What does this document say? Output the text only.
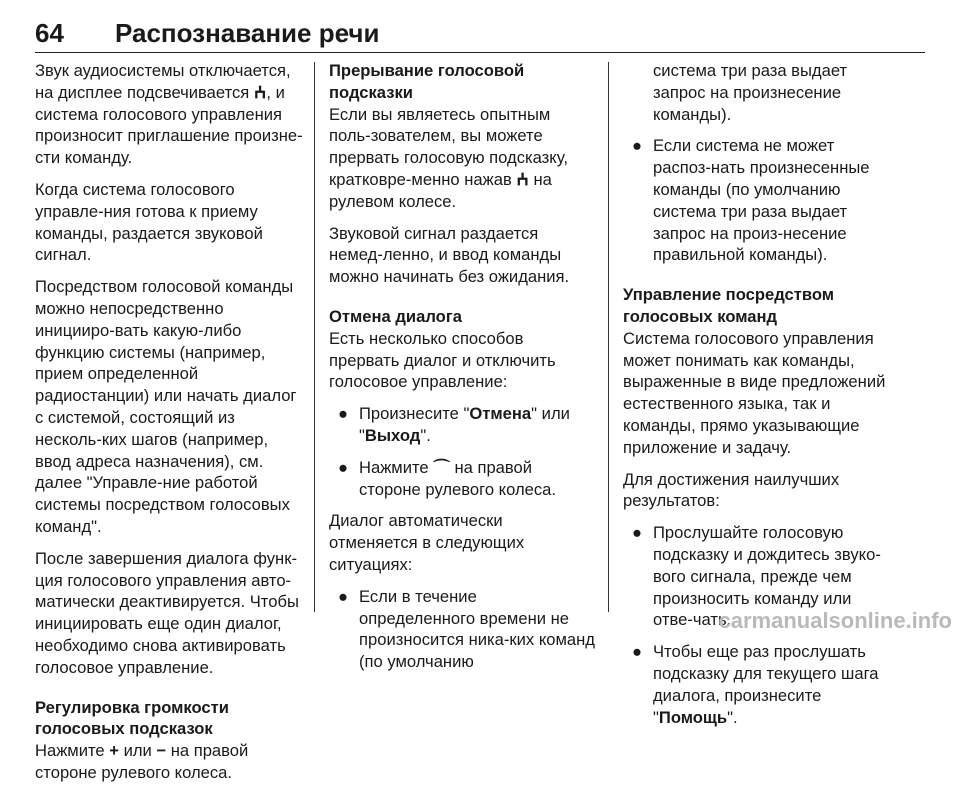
64 Распознавание речи

Звук аудиосистемы отключается, на дисплее подсвечивается ⵄ, и система голосового управления произносит приглашение произне-сти команду.

Когда система голосового управле-ния готова к приему команды, раздается звуковой сигнал.

Посредством голосовой команды можно непосредственно иницииро-вать какую-либо функцию системы (например, прием определенной радиостанции) или начать диалог с системой, состоящий из несколь-ких шагов (например, ввод адреса назначения), см. далее "Управле-ние работой системы посредством голосовых команд".

После завершения диалога функ-ция голосового управления авто-матически деактивируется. Чтобы инициировать еще один диалог, необходимо снова активировать голосовое управление.

Регулировка громкости голосовых подсказок

Нажмите + или − на правой стороне рулевого колеса.

Прерывание голосовой подсказки

Если вы являетесь опытным поль-зователем, вы можете прервать голосовую подсказку, кратковре-менно нажав ⵄ на рулевом колесе.

Звуковой сигнал раздается немед-ленно, и ввод команды можно начинать без ожидания.

Отмена диалога

Есть несколько способов прервать диалог и отключить голосовое управление:

● Произнесите "Отмена" или "Выход".
● Нажмите ⌒ на правой стороне рулевого колеса.

Диалог автоматически отменяется в следующих ситуациях:

● Если в течение определенного времени не произносится ника-ких команд (по умолчанию

система три раза выдает запрос на произнесение команды).

● Если система не может распоз-нать произнесенные команды (по умолчанию система три раза выдает запрос на произ-несение правильной команды).
Управление посредством голосовых команд

Система голосового управления может понимать как команды, выраженные в виде предложений естественного языка, так и команды, прямо указывающие приложение и задачу.

Для достижения наилучших результатов:

● Прослушайте голосовую подсказку и дождитесь звуко-вого сигнала, прежде чем произносить команду или отве-чать.
● Чтобы еще раз прослушать подсказку для текущего шага диалога, произнесите "Помощь".
carmanualsonline.info
